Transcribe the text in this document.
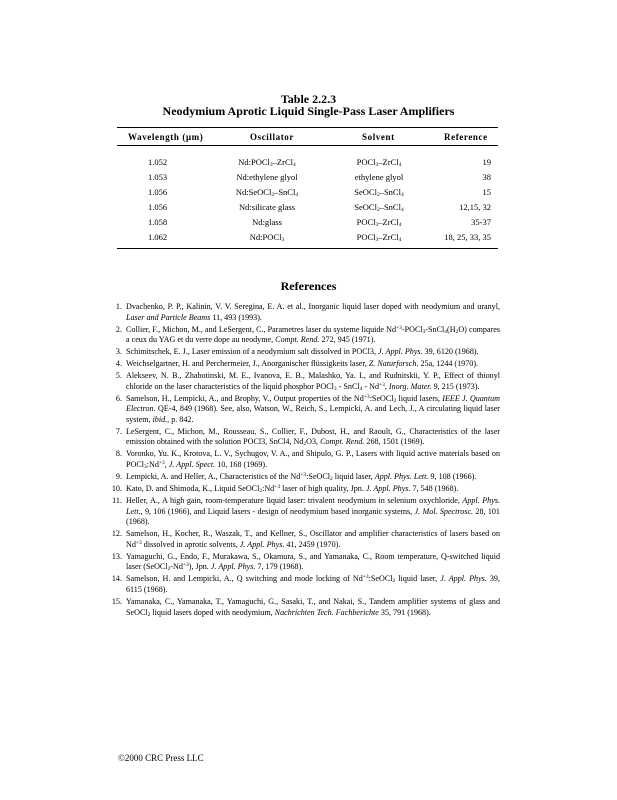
Table 2.2.3
Neodymium Aprotic Liquid Single-Pass Laser Amplifiers
Wavelength (μm)	Oscillator	Solvent	Reference
1.052	Nd:POCl$_3$–ZrCl$_4$	POCl$_3$–ZrCl$_4$	19
1.053	Nd:ethylene glyol	ethylene glyol	38
1.056	Nd:SeOCl$_2$–SnCl$_4$	SeOCl$_2$–SnCl$_4$	15
1.056	Nd:silicate glass	SeOCl$_2$–SnCl$_4$	12,15, 32
1.058	Nd:glass	POCl$_3$–ZrCl$_4$	35-37
1.062	Nd:POCl$_3$	POCl$_3$–ZrCl$_4$	18, 25, 33, 35
References
1. Dvachenko, P. P., Kalinin, V. V. Seregina, E. A. et al., Inorganic liquid laser doped with neodymium and uranyl, Laser and Particle Beams 11, 493 (1993).
2. Collier, F., Michon, M., and LeSergent, C., Parametres laser du systeme liquide $Nd^{+3}-POCl_3-SnCl_4(H_2O)$ compares a ceux du YAG et du verre dope au neodyme, Compt. Rend. 272, 945 (1971).
3. Schimitschek, E. J., Laser emission of a neodymium salt dissolved in POCl3, J. Appl. Phys. 39, 6120 (1968).
4. Weichselgartner, H. and Perchermeier, J., Anorganischer flüssigkeits laser, Z. Naturforsch. 25a, 1244 (1970).
5. Alekseev, N. B., Zhabotinski, M. E., Ivanova, E. B., Malashko, Ya. I., and Rudnitskii, Y. P., Effect of thionyl chloride on the laser characteristics of the liquid phosphor POCl$_3$ - SnCl$_4$ - $Nd^{+3}$, Inorg. Mater. 9, 215 (1973).
6. Samelson, H., Lempicki, A., and Brophy, V., Output properties of the $Nd^{+3}:SeOCl_2$ liquid lasers, IEEE J. Quantum Electron. QE-4, 849 (1968). See, also, Watson, W., Reich, S., Lempicki, A. and Lech, J., A circulating liquid laser system, ibid., p. 842.
7. LeSergent, C., Michon, M., Rousseau, S., Collier, F., Dubost, H., and Raoult, G., Characteristics of the laser emission obtained with the solution POCl3, SnCl4, $Nd_2O3$, Compt. Rend. 268, 1501 (1969).
8. Voronko, Yu. K., Krotova, L. V., Sychugov, V. A., and Shipulo, G. P., Lasers with liquid active materials based on $POCl_3:Nd^{+3}$, J. Appl. Spect. 10, 168 (1969).
9. Lempicki, A. and Heller, A., Characteristics of the $Nd^{+3}:SeOCl_2$ liquid laser, Appl. Phys. Lett. 9, 108 (1966).
10. Kato, D. and Shimoda, K., Liquid $SeOCl_2:Nd^{+3}$ laser of high quality, Jpn. J. Appl. Phys. 7, 548 (1968).
11. Heller, A., A high gain, room-temperature liquid laser: trivalent neodymium in selenium oxychloride, Appl. Phys. Lett., 9, 106 (1966), and Liquid lasers - design of neodymium based inorganic systems, J. Mol. Spectrosc. 28, 101 (1968).
12. Samelson, H., Kocher, R., Waszak, T., and Kellner, S., Oscillator and amplifier characteristics of lasers based on $Nd^{+3}$ dissolved in aprotic solvents, J. Appl. Phys. 41, 2459 (1970).
13. Yamaguchi, G., Endo, F., Murakawa, S., Okamura, S., and Yamanaka, C., Room temperature, Q-switched liquid laser $(SeOCl_2-Nd^{+3})$, Jpn. J. Appl. Phys. 7, 179 (1968).
14. Samelson, H. and Lempicki, A., Q switching and mode locking of $Nd^{+3}:SeOCl_2$ liquid laser, J. Appl. Phys. 39, 6115 (1968).
15. Yamanaka, C., Yamanaka, T., Yamaguchi, G., Sasaki, T., and Nakai, S., Tandem amplifier systems of glass and SeOCl$_2$ liquid lasers doped with neodymium, Nachrichten Tech. Fachberichte 35, 791 (1968).
©2000 CRC Press LLC
